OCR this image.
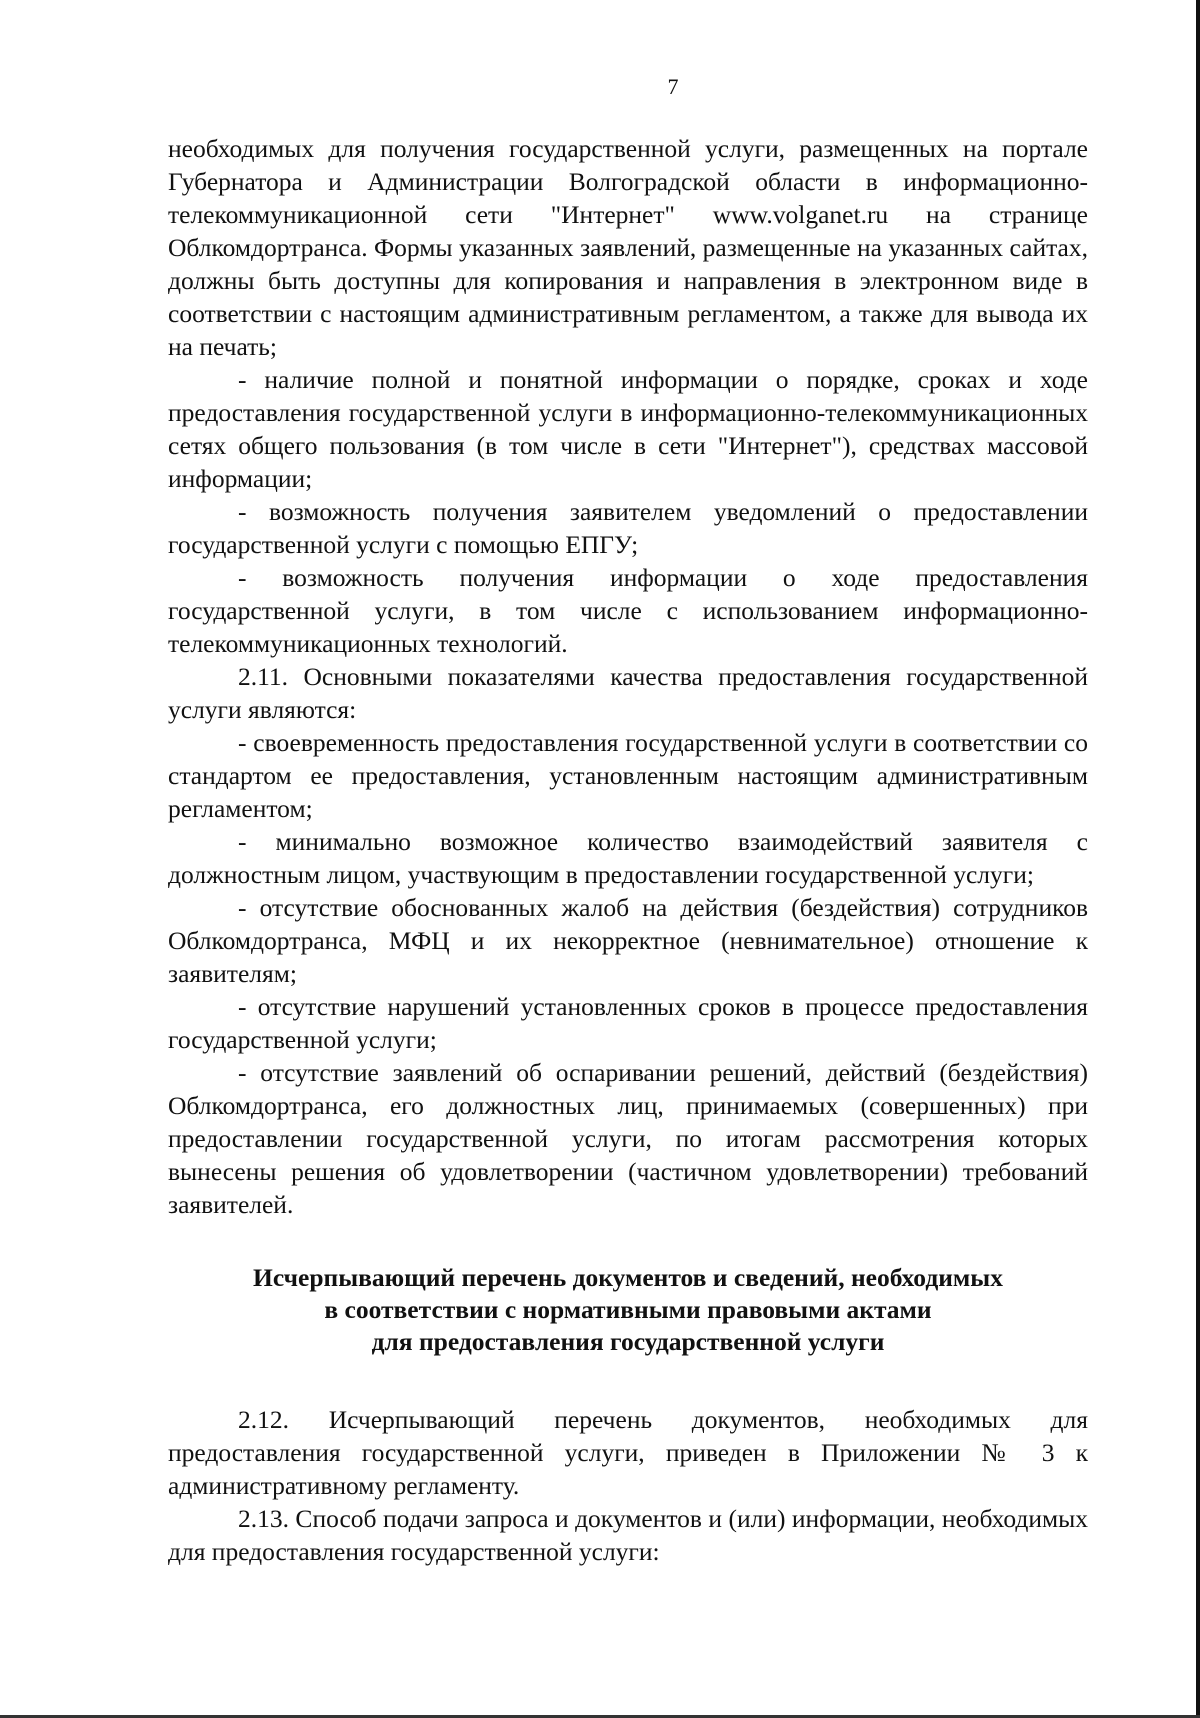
7

необходимых для получения государственной услуги, размещенных на портале Губернатора и Администрации Волгоградской области в информационно-телекоммуникационной сети "Интернет" www.volganet.ru на странице Облкомдортранса. Формы указанных заявлений, размещенные на указанных сайтах, должны быть доступны для копирования и направления в электронном виде в соответствии с настоящим административным регламентом, а также для вывода их на печать;

- наличие полной и понятной информации о порядке, сроках и ходе предоставления государственной услуги в информационно-телекоммуникационных сетях общего пользования (в том числе в сети "Интернет"), средствах массовой информации;

- возможность получения заявителем уведомлений о предоставлении государственной услуги с помощью ЕПГУ;

- возможность получения информации о ходе предоставления государственной услуги, в том числе с использованием информационно-телекоммуникационных технологий.

2.11. Основными показателями качества предоставления государственной услуги являются:

- своевременность предоставления государственной услуги в соответствии со стандартом ее предоставления, установленным настоящим административным регламентом;

- минимально возможное количество взаимодействий заявителя с должностным лицом, участвующим в предоставлении государственной услуги;

- отсутствие обоснованных жалоб на действия (бездействия) сотрудников Облкомдортранса, МФЦ и их некорректное (невнимательное) отношение к заявителям;

- отсутствие нарушений установленных сроков в процессе предоставления государственной услуги;

- отсутствие заявлений об оспаривании решений, действий (бездействия) Облкомдортранса, его должностных лиц, принимаемых (совершенных) при предоставлении государственной услуги, по итогам рассмотрения которых вынесены решения об удовлетворении (частичном удовлетворении) требований заявителей.

Исчерпывающий перечень документов и сведений, необходимых
в соответствии с нормативными правовыми актами
для предоставления государственной услуги

2.12. Исчерпывающий перечень документов, необходимых для предоставления государственной услуги, приведен в Приложении № 3 к административному регламенту.

2.13. Способ подачи запроса и документов и (или) информации, необходимых для предоставления государственной услуги:
